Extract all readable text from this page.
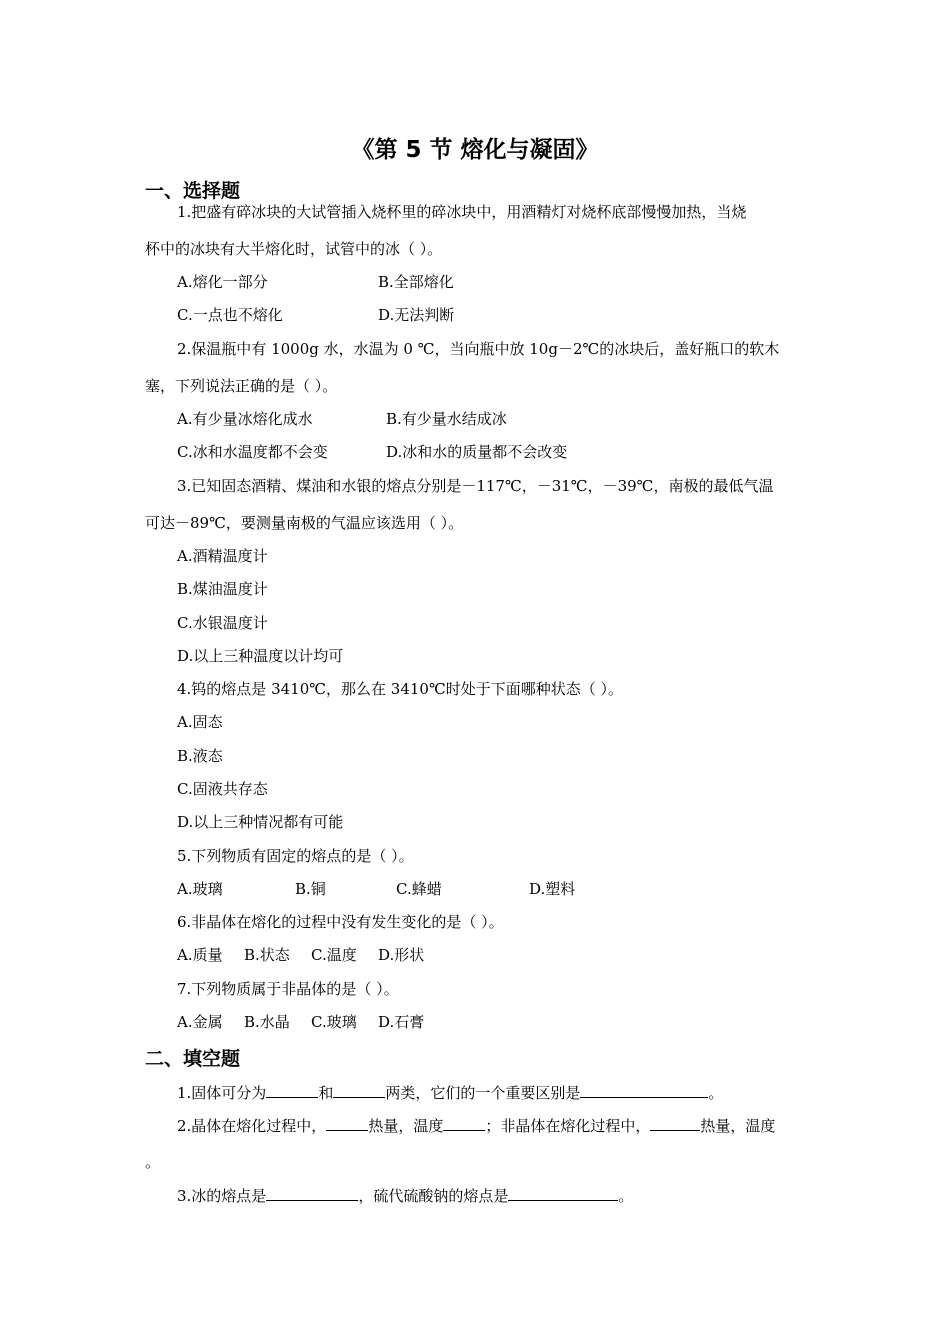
《第 5 节 熔化与凝固》
一、选择题
1.把盛有碎冰块的大试管插入烧杯里的碎冰块中，用酒精灯对烧杯底部慢慢加热，当烧
杯中的冰块有大半熔化时，试管中的冰（ ）。
A.熔化一部分	B.全部熔化
C.一点也不熔化	D.无法判断
2.保温瓶中有 1000g 水，水温为 0 ℃，当向瓶中放 10g－2℃的冰块后，盖好瓶口的软木
塞，下列说法正确的是（ ）。
A.有少量冰熔化成水	B.有少量水结成冰
C.冰和水温度都不会变	D.冰和水的质量都不会改变
3.已知固态酒精、煤油和水银的熔点分别是－117℃，－31℃，－39℃，南极的最低气温
可达－89℃，要测量南极的气温应该选用（ ）。
A.酒精温度计
B.煤油温度计
C.水银温度计
D.以上三种温度以计均可
4.钨的熔点是 3410℃，那么在 3410℃时处于下面哪种状态（ ）。
A.固态
B.液态
C.固液共存态
D.以上三种情况都有可能
5.下列物质有固定的熔点的是（ ）。
A.玻璃	B.铜	C.蜂蜡	D.塑料
6.非晶体在熔化的过程中没有发生变化的是（ ）。
A.质量 B.状态 C.温度 D.形状
7.下列物质属于非晶体的是（ ）。
A.金属 B.水晶 C.玻璃 D.石膏
二、填空题
1.固体可分为	和	两类，它们的一个重要区别是	。
2.晶体在熔化过程中，	热量，温度	；非晶体在熔化过程中，	热量，温度
。
3.冰的熔点是	，硫代硫酸钠的熔点是	。
